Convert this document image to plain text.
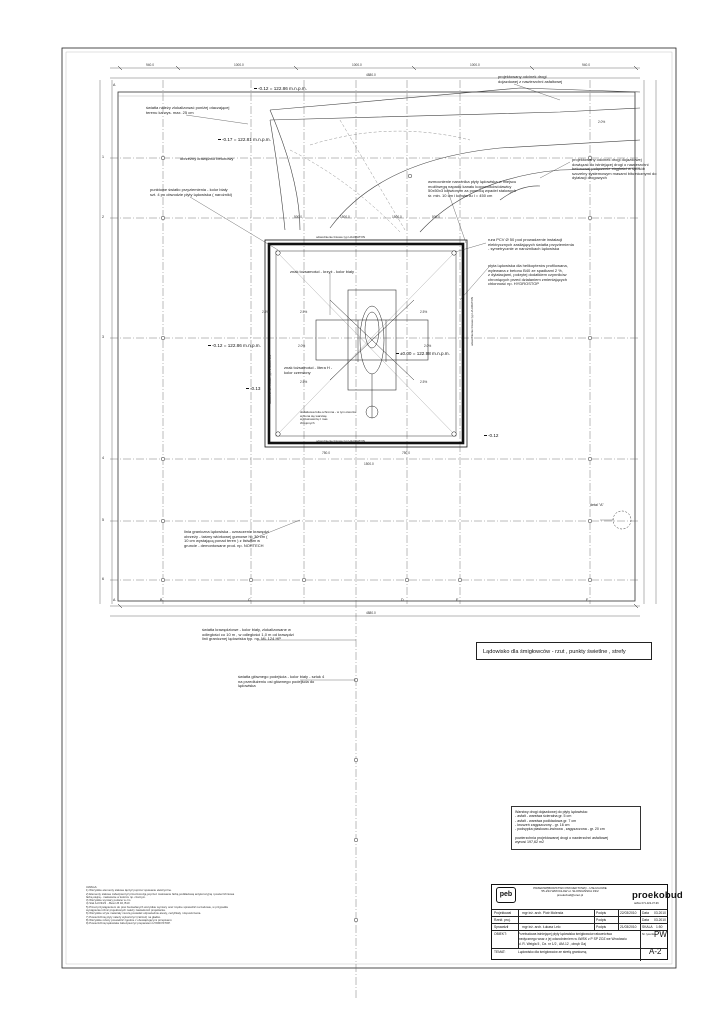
940.0	1000.0	1000.0	1000.0	940.0
4880.0
500.0	1500.0	1500.0	500.0
750.0	750.0
1500.0
4880.0
2.5%	2.5%
2.5%	2.5%
2.5%
2.0%	2.0%
2.0%
A
A	B	C	D	E	F
1
2
3
4
5
6
-0.12 = 122.86 m.n.p.m.
-0.17 = 122.81 m.n.p.m.
±0.00 = 122.98 m.n.p.m.
-0.12 = 122.86 m.n.p.m.
-0.13
-0.12
projektowany odcinek drogi
dojazdowej z nawierzchni asfaltowej
światła należy zlokalizować poniżej otaczającej
terenu ka wys. max. 25 cm
obrzeżny krawężnik betonowy
punktowe światło przyziemienia - kolor biały
szt. 4 po obwodzie płyty lądowiska ( narożniki)
projektowany odcinek drogi dojazdowej
dowiązać do istniejącej drogi o nawierzchni
betonowej połączenie ciągłości w sposób
szczelny systemowym masami bitumicznymi do
dylatacji drogowych
wzmocnienie narożnika płyty lądowiska w miejscu
możliwego napadu kanału kopowników/oławicy
50x50x3 kotwionym za pomocą wpadeł stalowych
śr. min. 10 cm i kotwieniu l = 450 cm
rura PCV Ø 50 pod prowadzenie instalacji
elektrycznych zasilających światła przyziemienia
- symetrycznie w narożnikach lądowiska
płyta lądowiska dla helikopterów profilowana,
wylewana z betonu B40 ze spadkami 2 %,
z dylatacjami, pokrytej dodatkiem czynników
chroniących przed działaniem zmieniających
chłonność np. HYDROSTOP
znak tożsamości - krzyż - kolor biały
znak tożsamości - litera H -
kolor czerwony
dodatkowa folia ochronna - w tym otworze
wykona się warstwę
wyrównawczą z mas
zbrojonych
linia graniczna lądowiska - oznaczenie krawędzi
obrzeży - taśmy wtórkowej gumowe h= 30 cm (
10 cm wystającą ponad teren ) z listwam w
gruncie - demontowane prod. np. NORTECH
światła krawędziowe - kolor biały, zlokalizowane w
odległości co 10 m , w odległości 1,0 m od krawędzi
linii granicznej lądowiska typ. np. ML 124 HP
światła głównego podejścia - kolor biały - sztuk 4
na przedłużeniu osi głównego podejścia do
lądowiska
odwodnienie liniowe typ HAURATON
odwodnienie liniowe typ HAURATON
odwodnienie liniowe typ HAURATON
odwodnienie liniowe typ HAURATON
detal "A"
Lądowisko dla śmigłowców - rzut , punkty świetlne , strefy
Warstwy drogi dojazdowej do płyty lądowiska:
- asfalt - warstwa ścieralna gr. 5 cm
- asfalt - warstwa podkładowa gr. 7 cm
- kruszeń zagęszczony - gr. 16 cm
- podsypka piaskowo-żwirowa , zagęszczona - gr. 20 cm

powierzchnia projektowanej drogi o nawierzchni asfaltowej
wynosi 197,62 m2
UWAGA:
1) Wszystkie elementy stalowe łączyć poprzez spawanie elektryczne.
2) Elementy stalowe zabezpieczyć przed korozją poprzez malowanie farbą podkładową antykorozyjną i powierzchniowa
farbą olejną - malowanie w kolorze np. czarnym.
3) Wszystkie wymiary podano w cm.
4) Stal A-III/34/3 ...Beton B 40, B10
5) Przed przystąpieniem do prac budowlanych wszystkie wymiary oraz rzędne sprawdzić na budowie, w przypadku
wystąpienia różnic projektowych należy zawiadomić projektanta.
6) Wszystkie użyte materiały muszą posiadać odpowiednie atesty, certyfikaty i dopuszczenia.
7) Powierzchnię płyty należy wykończyć (zatrzeć) na gładko.
8) Wszystkie roboty prowadzić zgodnie z obowiązującymi przepisami.
9) Powierzchnię lądowiska zabezpieczyć preparatem HYDROSTOP.
peb
PRZEDSIĘBIORSTWO PROJEKTOWO - USŁUGOWE
55-234 WROCŁAW ul. SŁOWIAŃSKA 33/2
proekobud@onet.pl	proekobud
tel/fax 071-322-37-96
Projektował	mgr inż. arch. Piotr Molenda	Podpis	22/03/2010 Data 03.2010
Rzeźł. proj.	Podpis	Data 03.2010
Sprawdził	mgr inż. arch. Łukasz Lelo	Podpis	21/03/2010 SKALA 1:50
OBIEKT:	Przebudowa istniejącej płyty lądowiska śmigłowców ratownictwa
medycznego wraz z jej odwodnieniem w 4WSK z P SP ZOZ we Wrocławiu
ul. R. Weigla 5 , Dz. nr 1/2 , AM-12 , obręb Gaj
Nr rysunku
PW
TEMAT:	Lądowisko dla śmigłowców ze strefą graniczną	A-2
